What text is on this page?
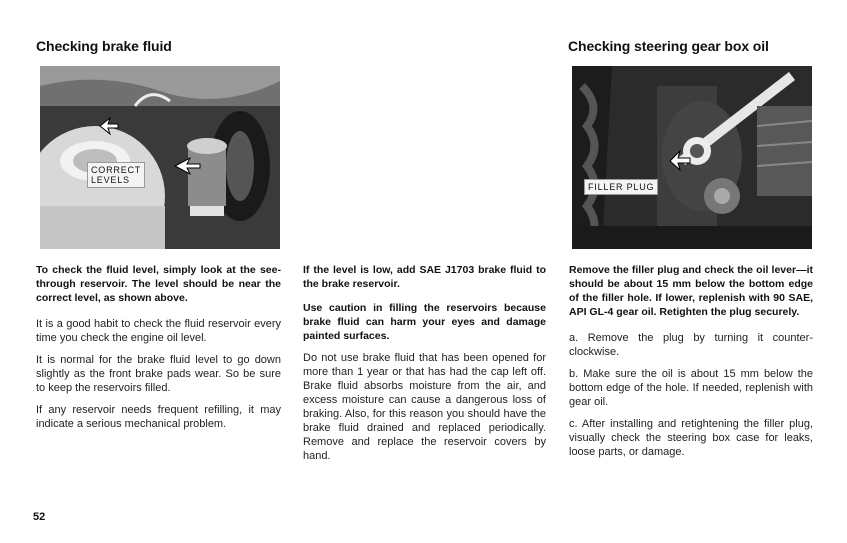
Checking brake fluid
CORRECT
LEVELS

To check the fluid level, simply look at the see-through reservoir. The level should be near the correct level, as shown above.

It is a good habit to check the fluid reservoir every time you check the engine oil level.

It is normal for the brake fluid level to go down slightly as the front brake pads wear. So be sure to keep the reservoirs filled.

If any reservoir needs frequent refilling, it may indicate a serious mechanical problem.

If the level is low, add SAE J1703 brake fluid to the brake reservoir.

Use caution in filling the reservoirs because brake fluid can harm your eyes and damage painted surfaces.

Do not use brake fluid that has been opened for more than 1 year or that has had the cap left off. Brake fluid absorbs moisture from the air, and excess moisture can cause a dangerous loss of braking. Also, for this reason you should have the brake fluid drained and replaced periodically. Remove and replace the reservoir covers by hand.

Checking steering gear box oil
FILLER PLUG

Remove the filler plug and check the oil lever—it should be about 15 mm below the bottom edge of the filler hole. If lower, replenish with 90 SAE, API GL-4 gear oil. Retighten the plug securely.

a. Remove the plug by turning it counter-clockwise.

b. Make sure the oil is about 15 mm below the bottom edge of the hole. If needed, replenish with gear oil.

c. After installing and retightening the filler plug, visually check the steering box case for leaks, loose parts, or damage.

52
